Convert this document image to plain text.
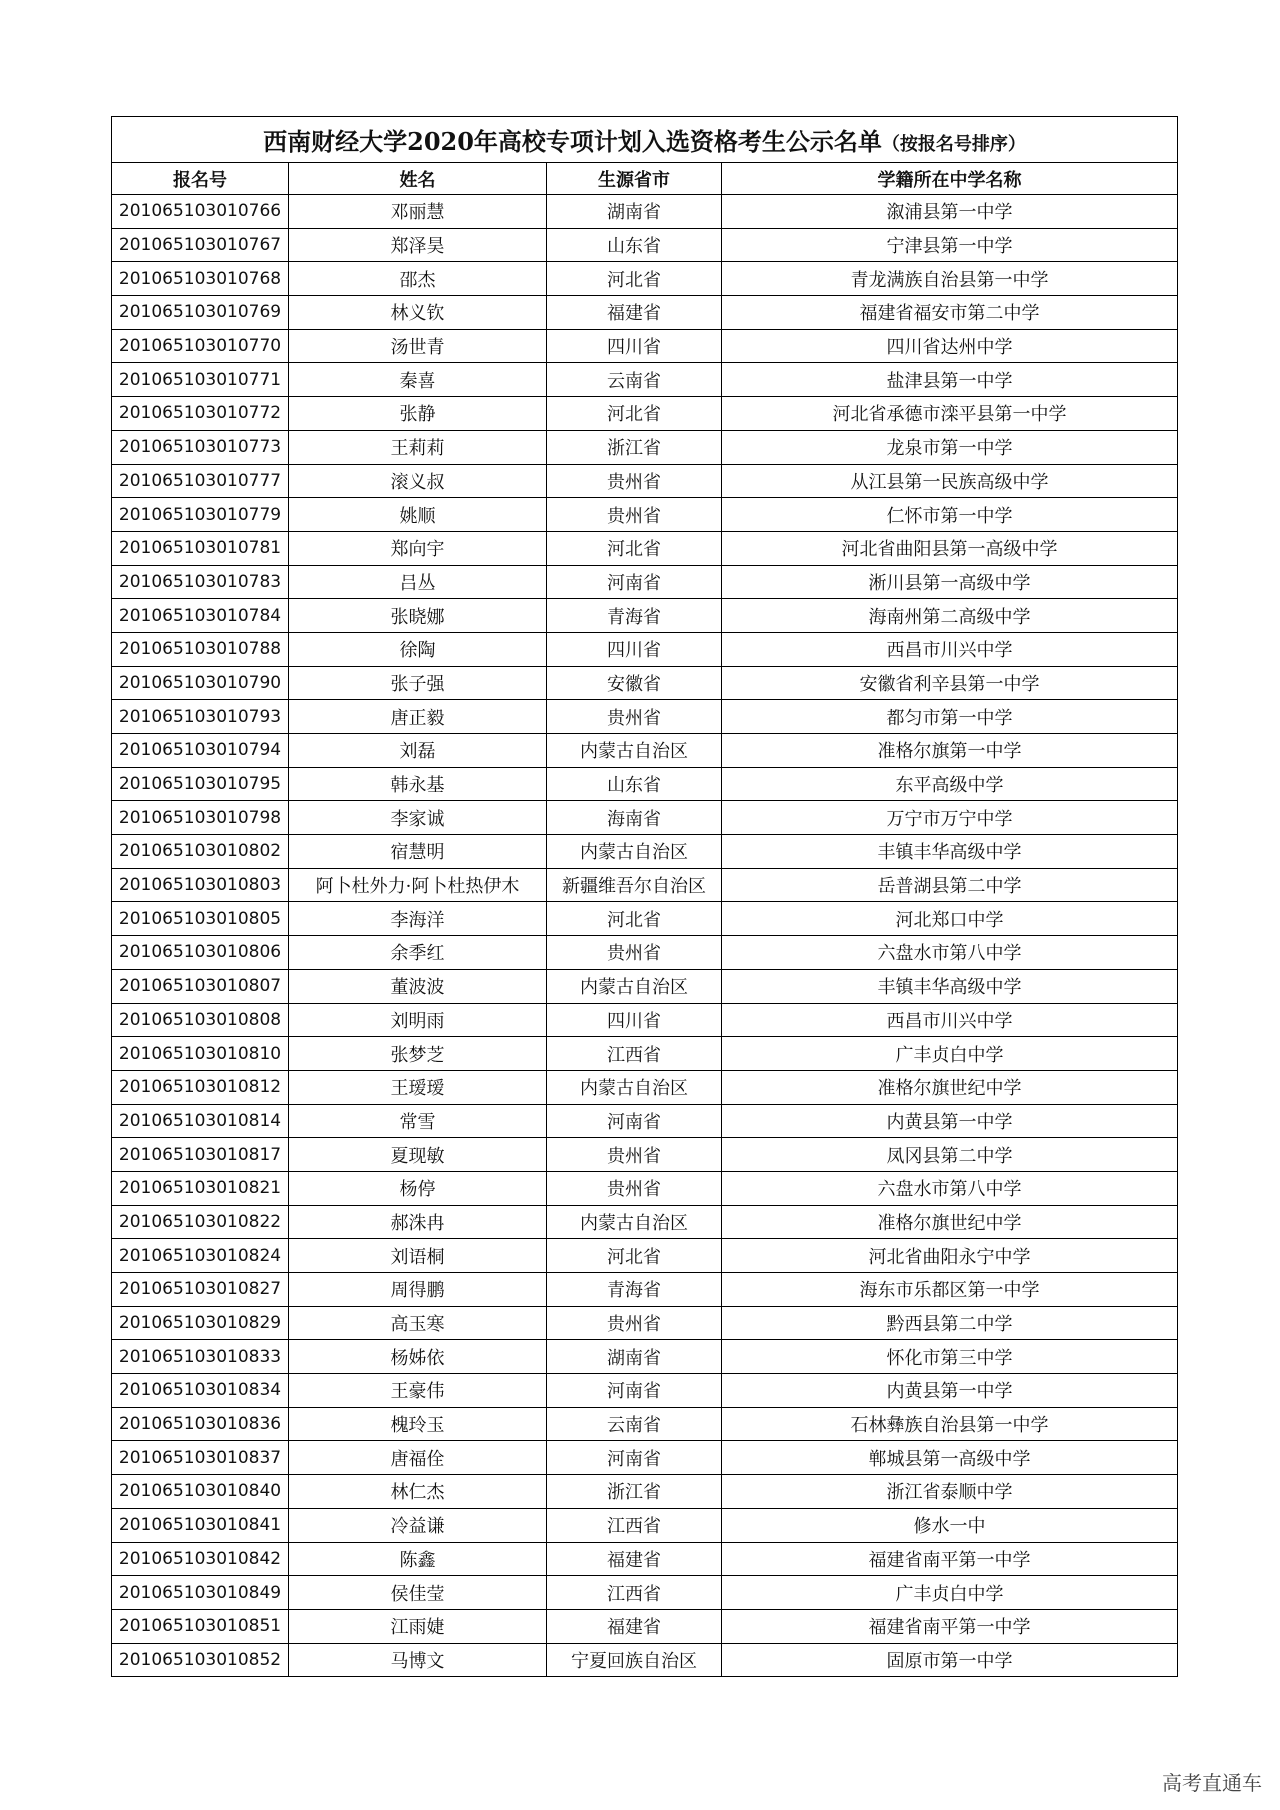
西南财经大学2020年高校专项计划入选资格考生公示名单（按报名号排序）			
报名号	姓名	生源省市	学籍所在中学名称
201065103010766	邓丽慧	湖南省	溆浦县第一中学
201065103010767	郑泽昊	山东省	宁津县第一中学
201065103010768	邵杰	河北省	青龙满族自治县第一中学
201065103010769	林义钦	福建省	福建省福安市第二中学
201065103010770	汤世青	四川省	四川省达州中学
201065103010771	秦喜	云南省	盐津县第一中学
201065103010772	张静	河北省	河北省承德市滦平县第一中学
201065103010773	王莉莉	浙江省	龙泉市第一中学
201065103010777	滚义叔	贵州省	从江县第一民族高级中学
201065103010779	姚顺	贵州省	仁怀市第一中学
201065103010781	郑向宇	河北省	河北省曲阳县第一高级中学
201065103010783	吕丛	河南省	淅川县第一高级中学
201065103010784	张晓娜	青海省	海南州第二高级中学
201065103010788	徐陶	四川省	西昌市川兴中学
201065103010790	张子强	安徽省	安徽省利辛县第一中学
201065103010793	唐正毅	贵州省	都匀市第一中学
201065103010794	刘磊	内蒙古自治区	准格尔旗第一中学
201065103010795	韩永基	山东省	东平高级中学
201065103010798	李家诚	海南省	万宁市万宁中学
201065103010802	宿慧明	内蒙古自治区	丰镇丰华高级中学
201065103010803	阿卜杜外力·阿卜杜热伊木	新疆维吾尔自治区	岳普湖县第二中学
201065103010805	李海洋	河北省	河北郑口中学
201065103010806	余季红	贵州省	六盘水市第八中学
201065103010807	董波波	内蒙古自治区	丰镇丰华高级中学
201065103010808	刘明雨	四川省	西昌市川兴中学
201065103010810	张梦芝	江西省	广丰贞白中学
201065103010812	王瑷瑷	内蒙古自治区	准格尔旗世纪中学
201065103010814	常雪	河南省	内黄县第一中学
201065103010817	夏现敏	贵州省	凤冈县第二中学
201065103010821	杨停	贵州省	六盘水市第八中学
201065103010822	郝洙冉	内蒙古自治区	准格尔旗世纪中学
201065103010824	刘语桐	河北省	河北省曲阳永宁中学
201065103010827	周得鹏	青海省	海东市乐都区第一中学
201065103010829	高玉寒	贵州省	黔西县第二中学
201065103010833	杨姊依	湖南省	怀化市第三中学
201065103010834	王豪伟	河南省	内黄县第一中学
201065103010836	槐玲玉	云南省	石林彝族自治县第一中学
201065103010837	唐福佺	河南省	郸城县第一高级中学
201065103010840	林仁杰	浙江省	浙江省泰顺中学
201065103010841	冷益谦	江西省	修水一中
201065103010842	陈鑫	福建省	福建省南平第一中学
201065103010849	侯佳莹	江西省	广丰贞白中学
201065103010851	江雨婕	福建省	福建省南平第一中学
201065103010852	马博文	宁夏回族自治区	固原市第一中学
高考直通车
